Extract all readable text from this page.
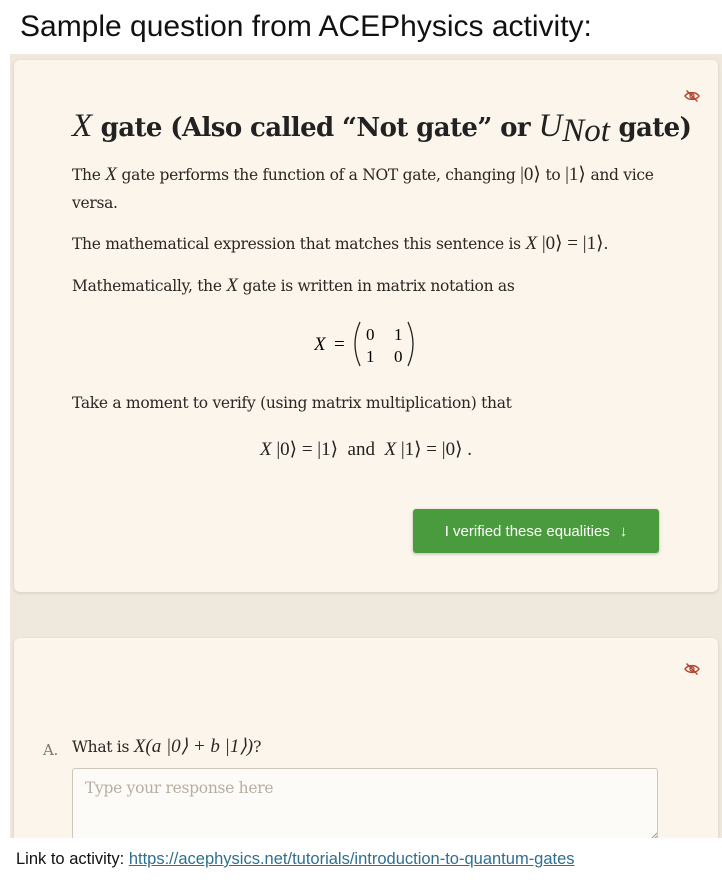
Sample question from ACEPhysics activity:
X gate (Also called “Not gate” or $U_{Not}$ gate)

The X gate performs the function of a NOT gate, changing |0⟩ to |1⟩ and vice versa.

The mathematical expression that matches this sentence is X |0⟩ = |1⟩.

Mathematically, the X gate is written in matrix notation as

X = 0 1
1 0

Take a moment to verify (using matrix multiplication) that

X |0⟩ = |1⟩ and X |1⟩ = |0⟩ .
I verified these equalities ↓
A. What is X(a |0⟩ + b |1⟩)?
Type your response here

Link to activity: https://acephysics.net/tutorials/introduction-to-quantum-gates
